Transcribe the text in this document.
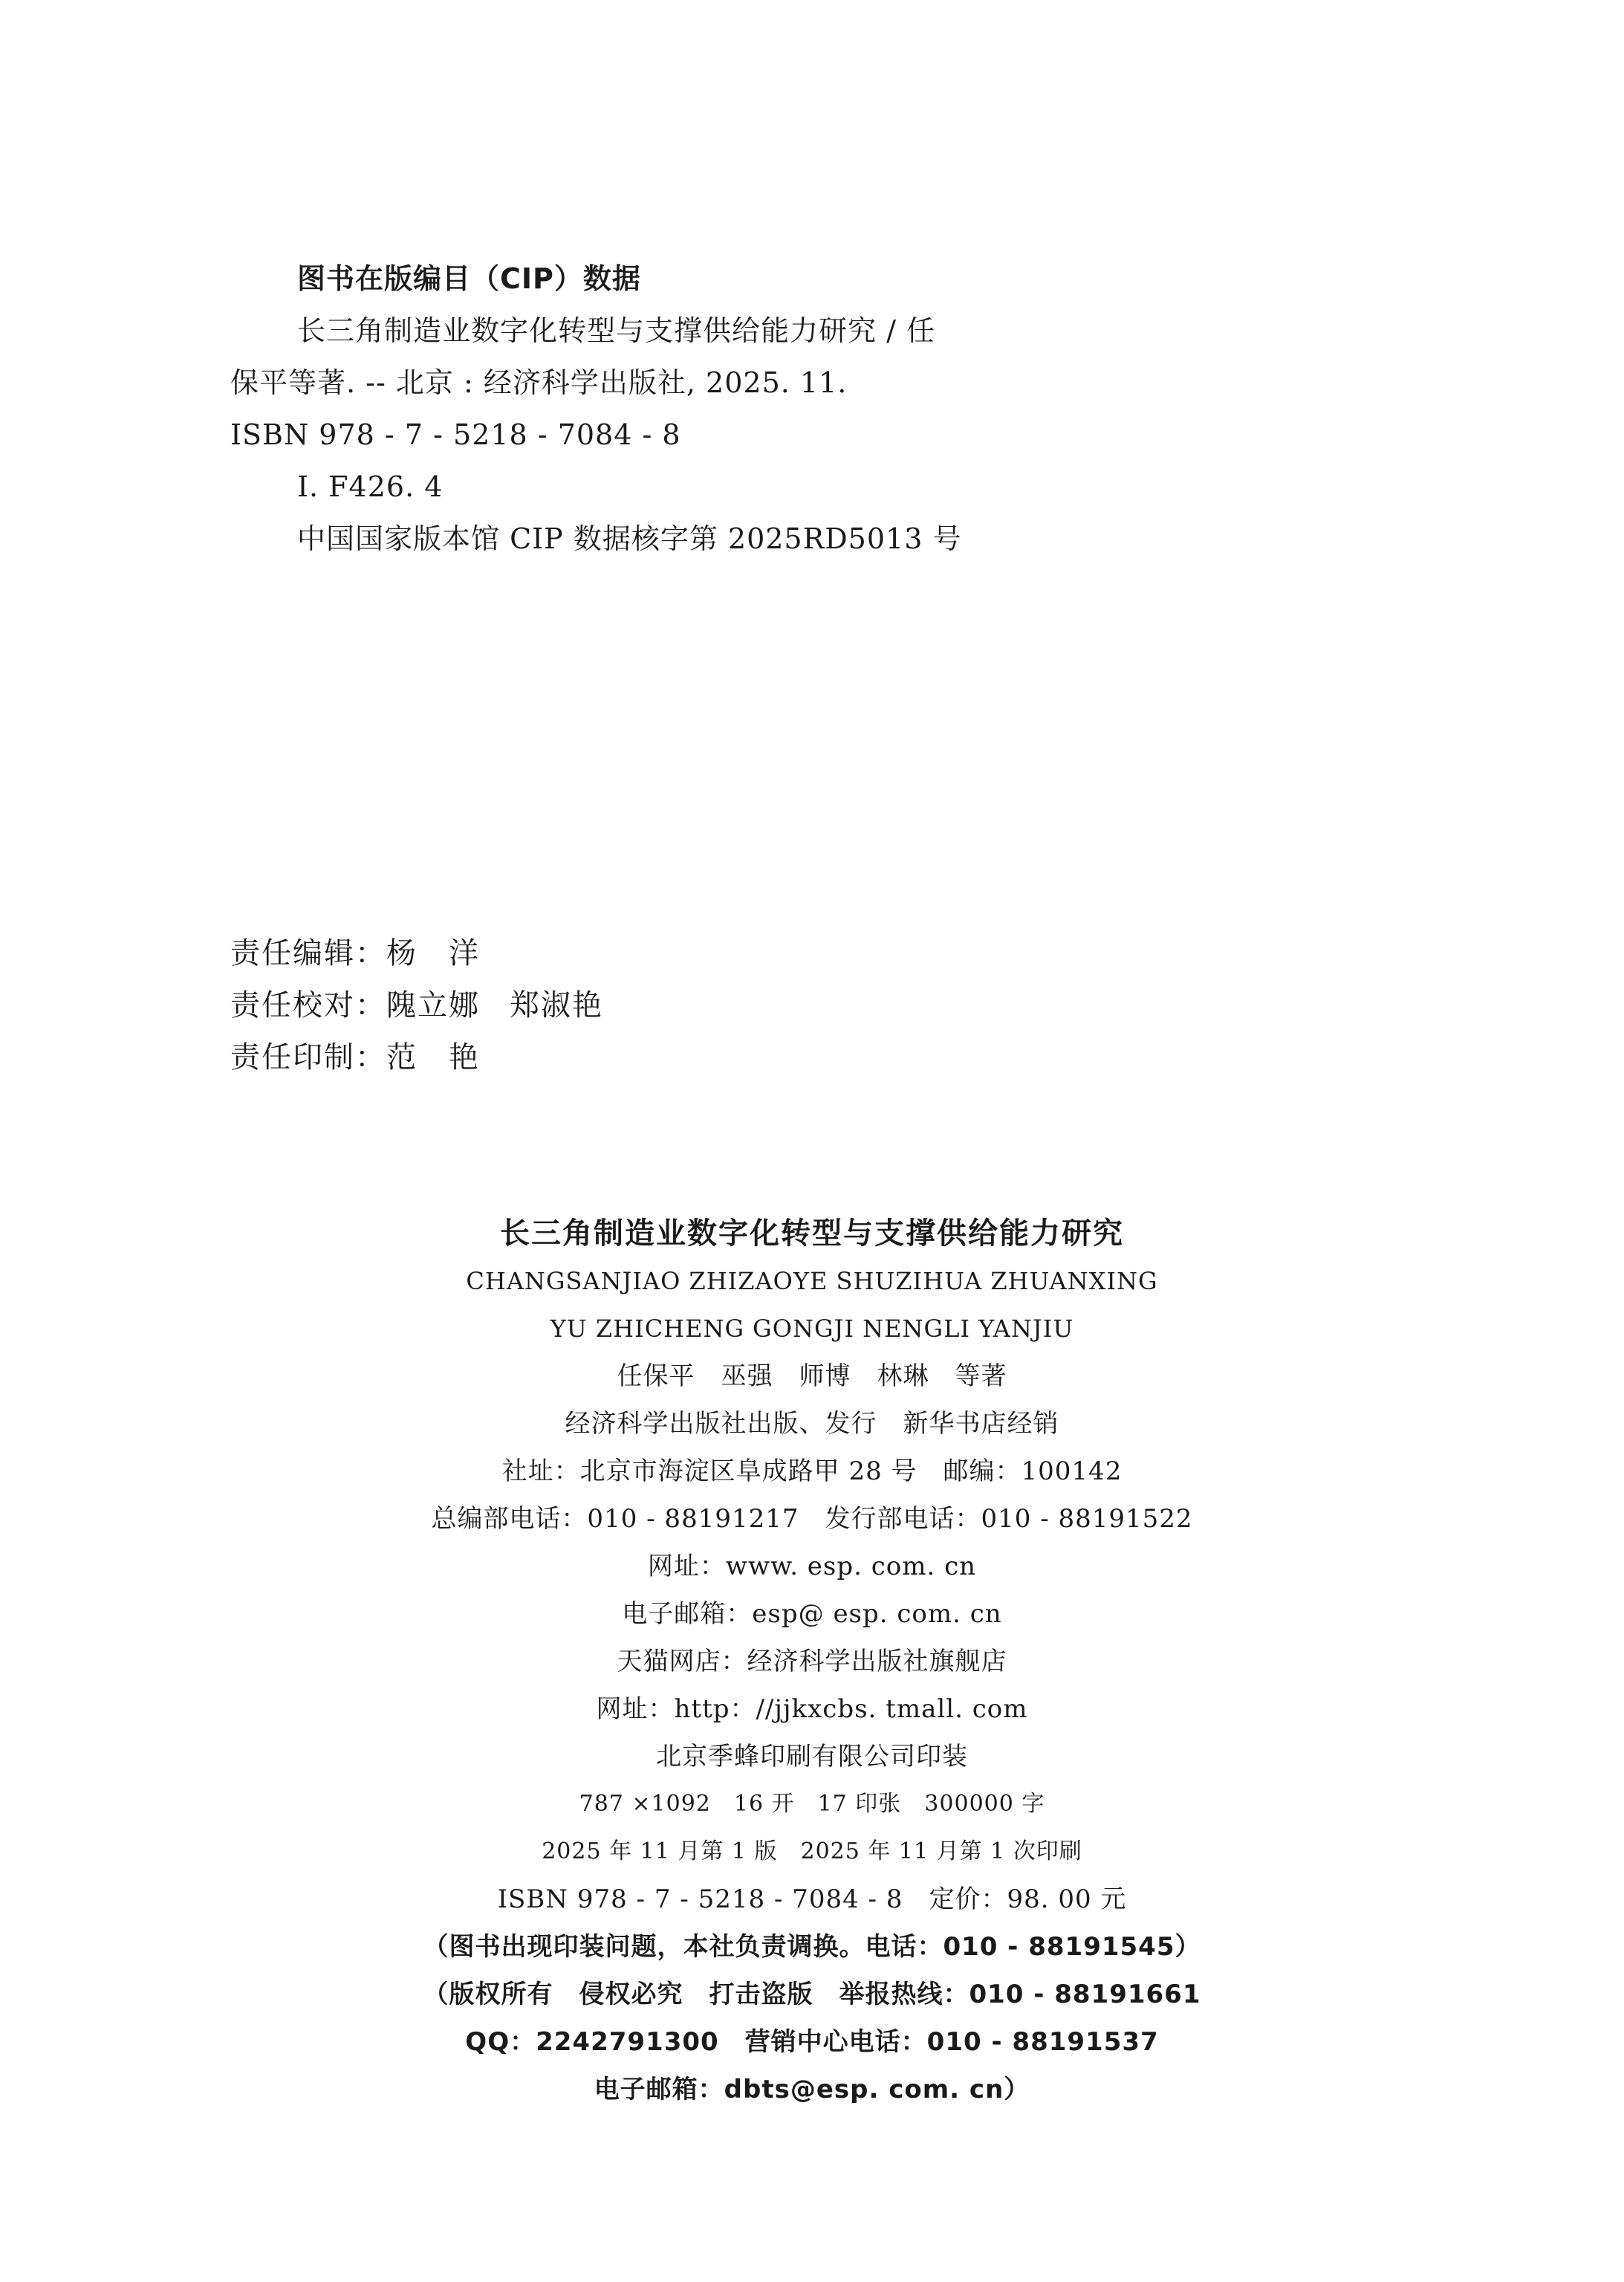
图书在版编目（CIP）数据
长三角制造业数字化转型与支撑供给能力研究 / 任
保平等著. -- 北京 : 经济科学出版社, 2025. 11.
ISBN 978 - 7 - 5218 - 7084 - 8
Ⅰ. F426. 4
中国国家版本馆 CIP 数据核字第 2025RD5013 号
责任编辑：杨　洋
责任校对：隗立娜 郑淑艳
责任印制：范　艳
长三角制造业数字化转型与支撑供给能力研究
CHANGSANJIAO ZHIZAOYE SHUZIHUA ZHUANXING
YU ZHICHENG GONGJI NENGLI YANJIU
任保平　巫强　师博　林琳　等著
经济科学出版社出版、发行　新华书店经销
社址：北京市海淀区阜成路甲 28 号　邮编：100142
总编部电话：010 - 88191217　发行部电话：010 - 88191522
网址：www. esp. com. cn
电子邮箱：esp@ esp. com. cn
天猫网店：经济科学出版社旗舰店
网址：http：//jjkxcbs. tmall. com
北京季蜂印刷有限公司印装
787 ×1092　16 开　17 印张　300000 字
2025 年 11 月第 1 版　2025 年 11 月第 1 次印刷
ISBN 978 - 7 - 5218 - 7084 - 8　定价：98. 00 元
（图书出现印装问题，本社负责调换。电话：010 - 88191545）
（版权所有　侵权必究　打击盗版　举报热线：010 - 88191661
QQ：2242791300　营销中心电话：010 - 88191537
电子邮箱：dbts@esp. com. cn）
